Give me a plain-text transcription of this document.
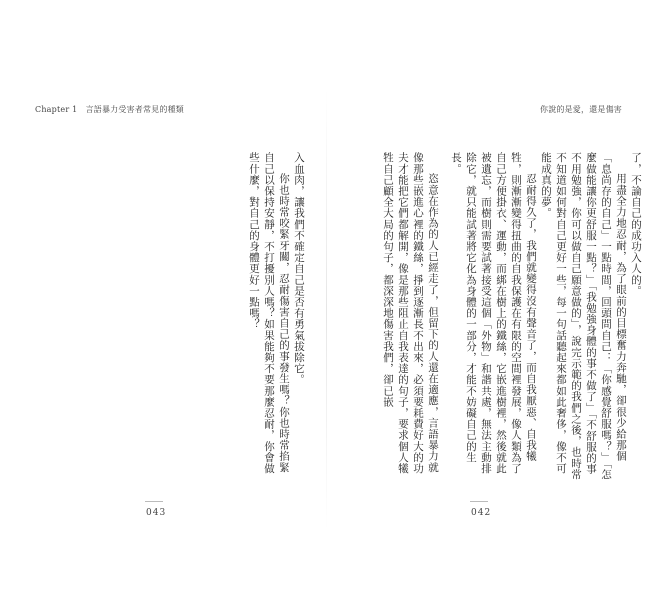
Chapter 1　言語暴力受害者常見的種類

入血肉，讓我們不確定自己是否有勇氣拔除它。

你也時常咬緊牙關，忍耐傷害自己的事發生嗎？你也時常掐緊自己以保持安靜，不打擾別人嗎？如果能夠不要那麼忍耐，你會做些什麼，對自己的身體更好一點嗎？

043
你說的是愛，還是傷害

了，不論自己的成功入人的。

用盡全力地忍耐，為了眼前的目標奮力奔馳，卻很少給那個「息尚存的自己」一點時間，回頭問自己：「你感覺舒服嗎？」「怎麼做能讓你更舒服一點？」「我勉強身體的事不做了」「不舒服的事不用勉強，你可以做自己願意做的」，說完示範的我們之後，也時常不知道如何對自己更好一些，每一句話聽起來都如此奢侈，像不可能成真的夢。

忍耐得久了，我們就變得沒有聲音了，而自我厭惡、自我犧牲，則漸漸變得扭曲的自我保護在有限的空間裡發展，像人類為了自己方便掛衣、運動，而綁在樹上的鐵絲，它嵌進樹裡，然後就此被遺忘，而樹則需要試著接受這個「外物」和諧共處，無法主動排除它，就只能試著將它化為身體的一部分，才能不妨礙自己的生長。

恣意在作為的人已經走了，但留下的人還在適應，言語暴力就像那些嵌進心裡的鐵絲，掙到逐漸長不出來，必須要耗費好大的功夫才能把它們都解開，像是那些阻止自我表達的句子，要求個人犧牲自己顧全大局的句子，都深深地傷害我們，卻已嵌

042
